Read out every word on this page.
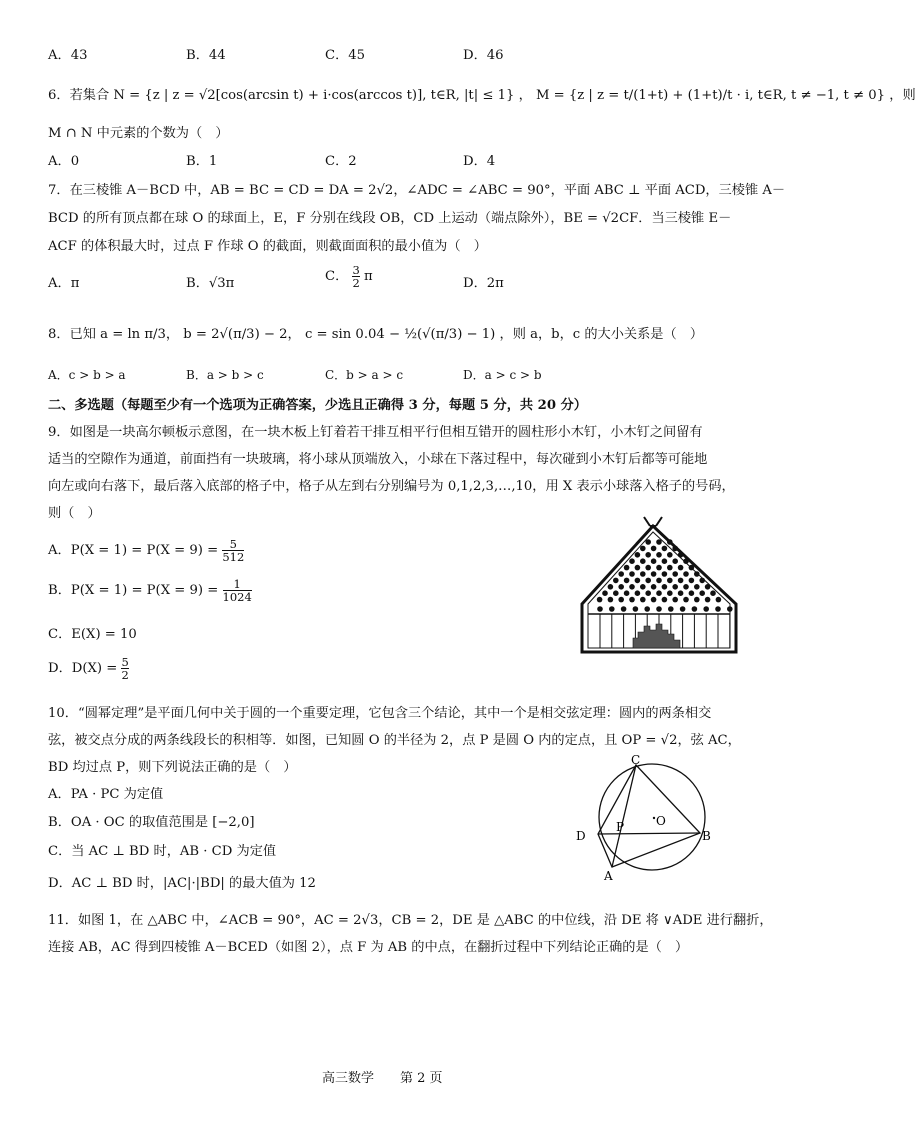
A．43	B．44	C．45	D．46
6．若集合 N = {z | z = √2[cos(arcsin t) + i·cos(arccos t)], t∈R, |t| ≤ 1} ， M = {z | z = t/(1+t) + (1+t)/t · i, t∈R, t ≠ −1, t ≠ 0} ，则
M ∩ N 中元素的个数为（　）
A．0	B．1	C．2	D．4
7．在三棱锥 A－BCD 中，AB = BC = CD = DA = 2√2，∠ADC = ∠ABC = 90°，平面 ABC ⊥ 平面 ACD，三棱锥 A－
BCD 的所有顶点都在球 O 的球面上，E，F 分别在线段 OB，CD 上运动（端点除外），BE = √2CF．当三棱锥 E－
ACF 的体积最大时，过点 F 作球 O 的截面，则截面面积的最小值为（　）
A．π	B．√3π	C． $\frac{3}{2}$ π	D．2π
8．已知 a = ln π/3， b = 2√(π/3) − 2， c = sin 0.04 − ½(√(π/3) − 1) ，则 a，b，c 的大小关系是（　）
A．c > b > a	B．a > b > c	C．b > a > c	D．a > c > b
二、多选题（每题至少有一个选项为正确答案，少选且正确得 3 分，每题 5 分，共 20 分）
9．如图是一块高尔顿板示意图，在一块木板上钉着若干排互相平行但相互错开的圆柱形小木钉，小木钉之间留有
适当的空隙作为通道，前面挡有一块玻璃，将小球从顶端放入，小球在下落过程中，每次碰到小木钉后都等可能地
向左或向右落下，最后落入底部的格子中，格子从左到右分别编号为 0,1,2,3,…,10，用 X 表示小球落入格子的号码，
则（　）
A．$P(X = 1) = P(X = 9) = \frac{5}{512}$
B．$P(X = 1) = P(X = 9) = \frac{1}{1024}$
C．E(X) = 10
D．$D(X) = \frac{5}{2}$
10．“圆幂定理”是平面几何中关于圆的一个重要定理，它包含三个结论，其中一个是相交弦定理：圆内的两条相交
弦，被交点分成的两条线段长的积相等．如图，已知圆 O 的半径为 2，点 P 是圆 O 内的定点，且 OP = √2，弦 AC，
BD 均过点 P，则下列说法正确的是（　）
A．PA · PC 为定值
B．OA · OC 的取值范围是 [−2,0]
C．当 AC ⊥ BD 时，AB · CD 为定值
D．AC ⊥ BD 时，|AC|·|BD| 的最大值为 12
C
D	B
A
P	O
11．如图 1，在 △ABC 中，∠ACB = 90°，AC = 2√3，CB = 2，DE 是 △ABC 的中位线，沿 DE 将 ∨ADE 进行翻折，
连接 AB，AC 得到四棱锥 A－BCED（如图 2），点 F 为 AB 的中点，在翻折过程中下列结论正确的是（　）
高三数学　　第 2 页
